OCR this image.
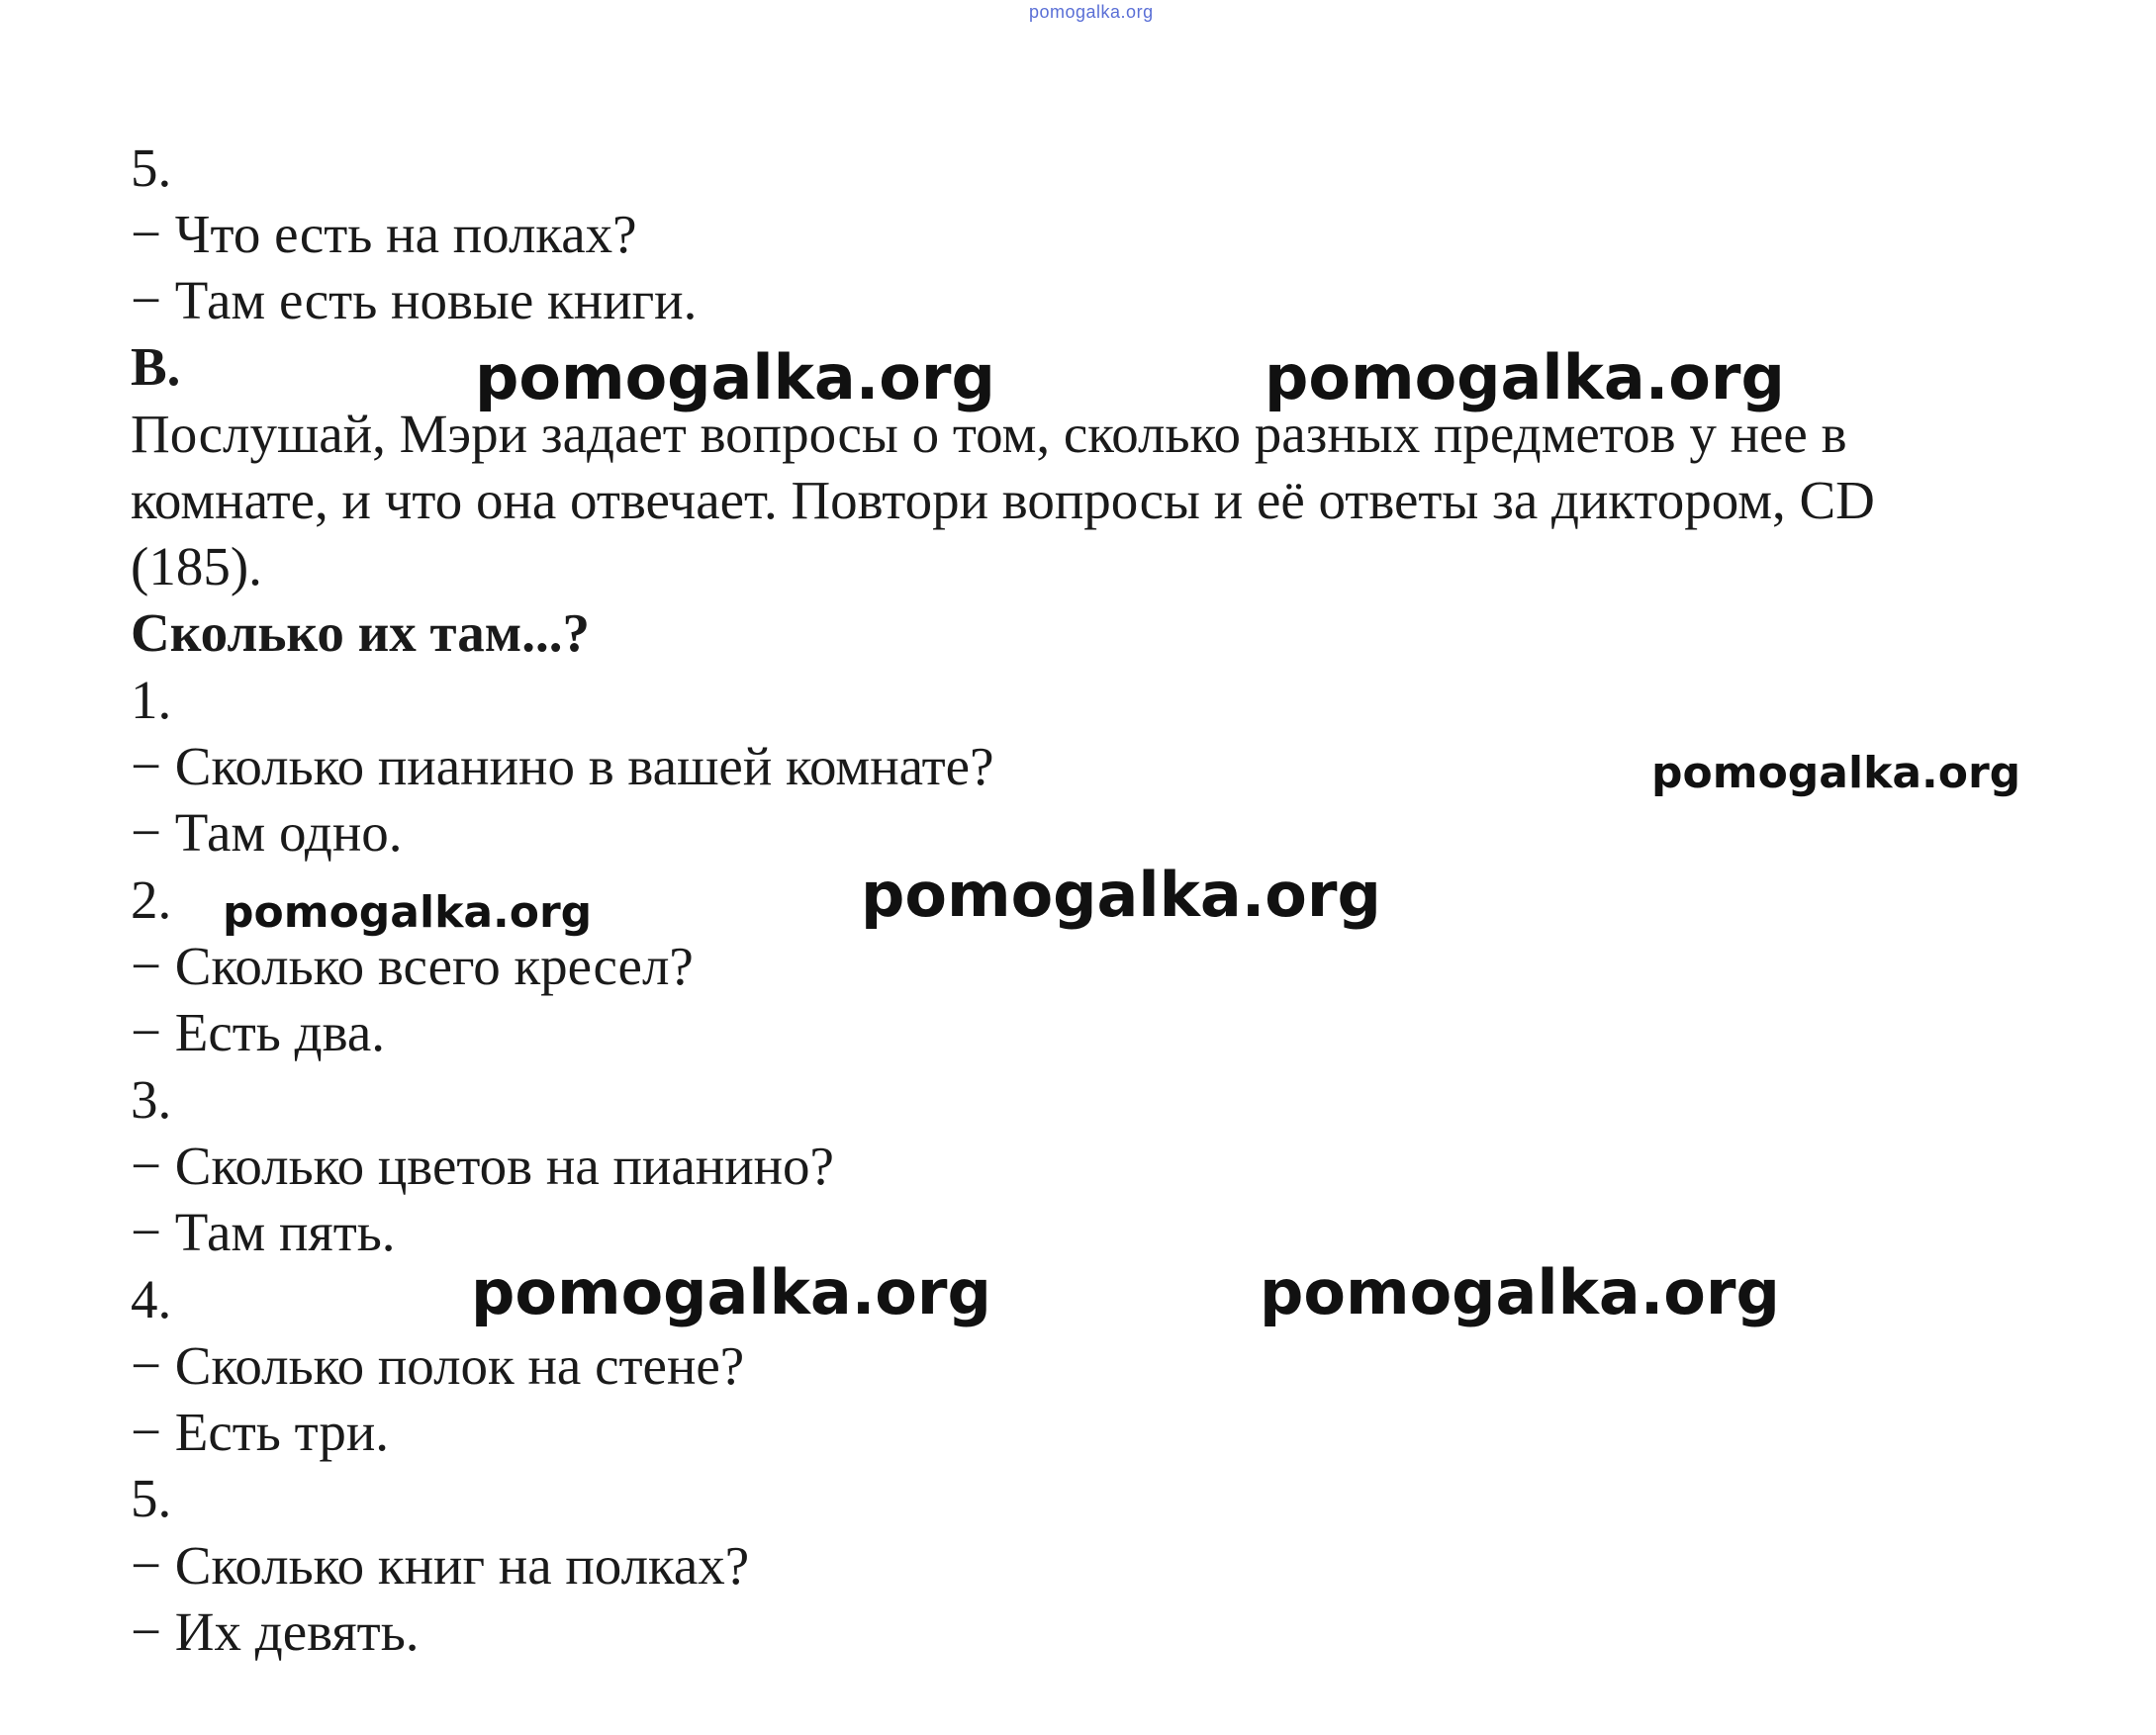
pomogalka.org
5.
− Что есть на полках?
− Там есть новые книги.
B.
Послушай, Мэри задает вопросы о том, сколько разных предметов у нее в
комнате, и что она отвечает. Повтори вопросы и её ответы за диктором, CD
(185).
Сколько их там...?
1.
− Сколько пианино в вашей комнате?
− Там одно.
2.
− Сколько всего кресел?
− Есть два.
3.
− Сколько цветов на пианино?
− Там пять.
4.
− Сколько полок на стене?
− Есть три.
5.
− Сколько книг на полках?
− Их девять.
pomogalka.org	pomogalka.org
pomogalka.org
pomogalka.org	pomogalka.org
pomogalka.org	pomogalka.org
